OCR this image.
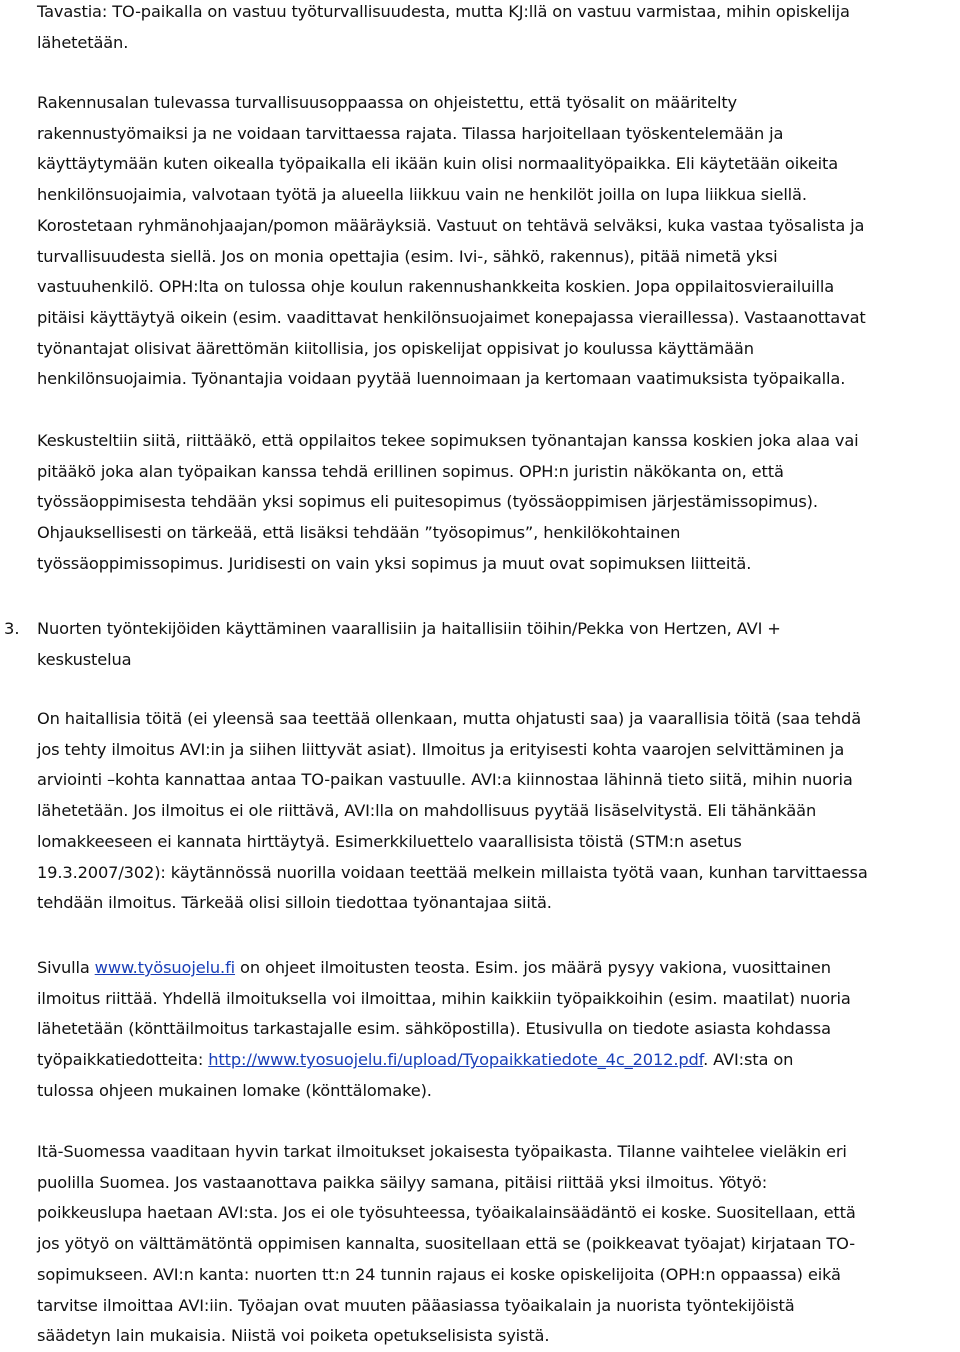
Tavastia: TO-paikalla on vastuu työturvallisuudesta, mutta KJ:llä on vastuu varmistaa, mihin opiskelija
lähetetään.
Rakennusalan tulevassa turvallisuusoppaassa on ohjeistettu, että työsalit on määritelty
rakennustyömaiksi ja ne voidaan tarvittaessa rajata. Tilassa harjoitellaan työskentelemään ja
käyttäytymään kuten oikealla työpaikalla eli ikään kuin olisi normaalityöpaikka. Eli käytetään oikeita
henkilönsuojaimia, valvotaan työtä ja alueella liikkuu vain ne henkilöt joilla on lupa liikkua siellä.
Korostetaan ryhmänohjaajan/pomon määräyksiä. Vastuut on tehtävä selväksi, kuka vastaa työsalista ja
turvallisuudesta siellä. Jos on monia opettajia (esim. Ivi-, sähkö, rakennus), pitää nimetä yksi
vastuuhenkilö. OPH:lta on tulossa ohje koulun rakennushankkeita koskien. Jopa oppilaitosvierailuilla
pitäisi käyttäytyä oikein (esim. vaadittavat henkilönsuojaimet konepajassa vieraillessa). Vastaanottavat
työnantajat olisivat äärettömän kiitollisia, jos opiskelijat oppisivat jo koulussa käyttämään
henkilönsuojaimia. Työnantajia voidaan pyytää luennoimaan ja kertomaan vaatimuksista työpaikalla.
Keskusteltiin siitä, riittääkö, että oppilaitos tekee sopimuksen työnantajan kanssa koskien joka alaa vai
pitääkö joka alan työpaikan kanssa tehdä erillinen sopimus. OPH:n juristin näkökanta on, että
työssäoppimisesta tehdään yksi sopimus eli puitesopimus (työssäoppimisen järjestämissopimus).
Ohjauksellisesti on tärkeää, että lisäksi tehdään ”työsopimus”, henkilökohtainen
työssäoppimissopimus. Juridisesti on vain yksi sopimus ja muut ovat sopimuksen liitteitä.
3. Nuorten työntekijöiden käyttäminen vaarallisiin ja haitallisiin töihin/Pekka von Hertzen, AVI +
keskustelua
On haitallisia töitä (ei yleensä saa teettää ollenkaan, mutta ohjatusti saa) ja vaarallisia töitä (saa tehdä
jos tehty ilmoitus AVI:in ja siihen liittyvät asiat). Ilmoitus ja erityisesti kohta vaarojen selvittäminen ja
arviointi –kohta kannattaa antaa TO-paikan vastuulle. AVI:a kiinnostaa lähinnä tieto siitä, mihin nuoria
lähetetään. Jos ilmoitus ei ole riittävä, AVI:lla on mahdollisuus pyytää lisäselvitystä. Eli tähänkään
lomakkeeseen ei kannata hirttäytyä. Esimerkkiluettelo vaarallisista töistä (STM:n asetus
19.3.2007/302): käytännössä nuorilla voidaan teettää melkein millaista työtä vaan, kunhan tarvittaessa
tehdään ilmoitus. Tärkeää olisi silloin tiedottaa työnantajaa siitä.
Sivulla www.työsuojelu.fi on ohjeet ilmoitusten teosta. Esim. jos määrä pysyy vakiona, vuosittainen
ilmoitus riittää. Yhdellä ilmoituksella voi ilmoittaa, mihin kaikkiin työpaikkoihin (esim. maatilat) nuoria
lähetetään (könttäilmoitus tarkastajalle esim. sähköpostilla). Etusivulla on tiedote asiasta kohdassa
työpaikkatiedotteita: http://www.tyosuojelu.fi/upload/Tyopaikkatiedote_4c_2012.pdf. AVI:sta on
tulossa ohjeen mukainen lomake (könttälomake).
Itä-Suomessa vaaditaan hyvin tarkat ilmoitukset jokaisesta työpaikasta. Tilanne vaihtelee vieläkin eri
puolilla Suomea. Jos vastaanottava paikka säilyy samana, pitäisi riittää yksi ilmoitus. Yötyö:
poikkeuslupa haetaan AVI:sta. Jos ei ole työsuhteessa, työaikalainsäädäntö ei koske. Suositellaan, että
jos yötyö on välttämätöntä oppimisen kannalta, suositellaan että se (poikkeavat työajat) kirjataan TO-
sopimukseen. AVI:n kanta: nuorten tt:n 24 tunnin rajaus ei koske opiskelijoita (OPH:n oppaassa) eikä
tarvitse ilmoittaa AVI:iin. Työajan ovat muuten pääasiassa työaikalain ja nuorista työntekijöistä
säädetyn lain mukaisia. Niistä voi poiketa opetukselisista syistä.
